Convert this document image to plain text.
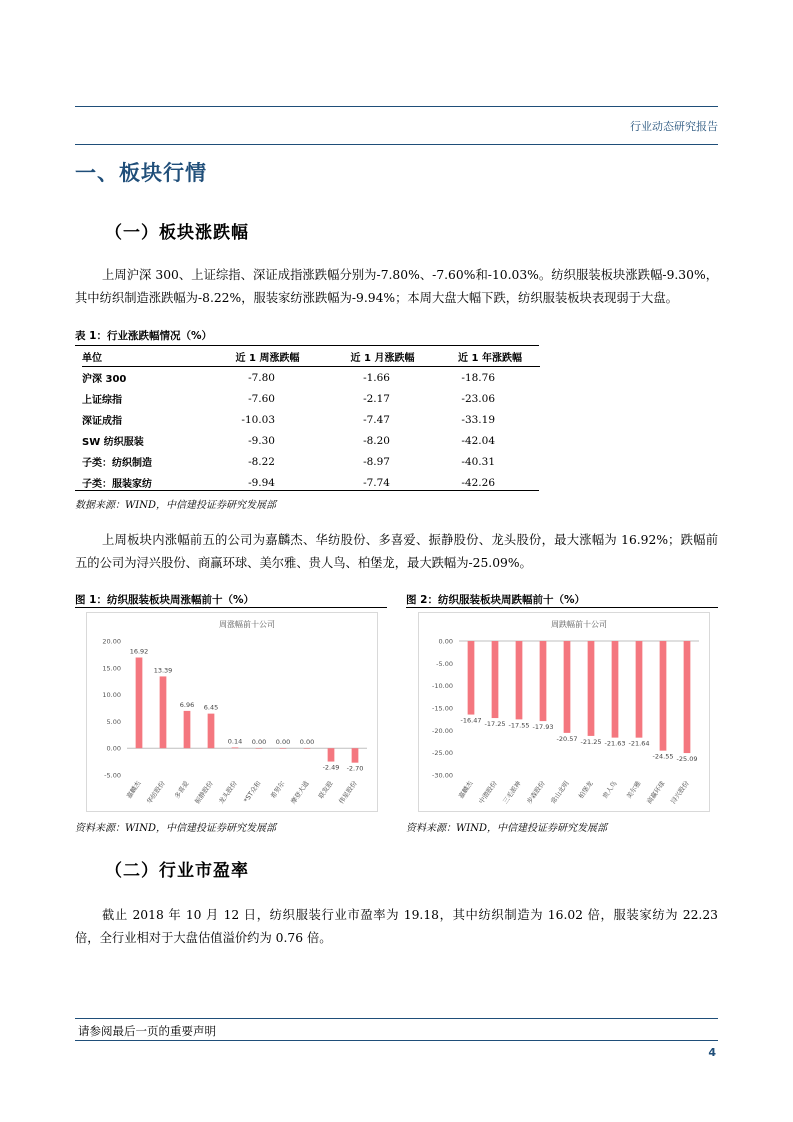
行业动态研究报告
一、板块行情
（一）板块涨跌幅
上周沪深 300、上证综指、深证成指涨跌幅分别为-7.80%、-7.60%和-10.03%。纺织服装板块涨跌幅-9.30%，其中纺织制造涨跌幅为-8.22%，服装家纺涨跌幅为-9.94%；本周大盘大幅下跌，纺织服装板块表现弱于大盘。
表 1：行业涨跌幅情况（%）
单位	近 1 周涨跌幅	近 1 月涨跌幅	近 1 年涨跌幅
沪深 300	-7.80	-1.66	-18.76
上证综指	-7.60	-2.17	-23.06
深证成指	-10.03	-7.47	-33.19
SW 纺织服装	-9.30	-8.20	-42.04
子类：纺织制造	-8.22	-8.97	-40.31
子类：服装家纺	-9.94	-7.74	-42.26
数据来源：WIND，中信建投证券研究发展部
上周板块内涨幅前五的公司为嘉麟杰、华纺股份、多喜爱、振静股份、龙头股份，最大涨幅为 16.92%；跌幅前五的公司为浔兴股份、商赢环球、美尔雅、贵人鸟、柏堡龙，最大跌幅为-25.09%。
图 1：纺织服装板块周涨幅前十（%）	图 2：纺织服装板块周跌幅前十（%）
周涨幅前十公司
20.00
15.00
10.00
5.00
0.00
-5.00
16.92
嘉麟杰
13.39
华纺股份
6.96
多喜爱
6.45
振静股份
0.14
龙头股份
0.00
*ST众和
0.00
希努尔
0.00
摩登大道
-2.49
联发股
-2.70
伟星股份
周跌幅前十公司
0.00
-5.00
-10.00
-15.00
-20.00
-25.00
-30.00
-16.47
嘉麟杰
-17.25
中潜股份
-17.55
三毛派神
-17.93
步森股份
-20.57
常山北明
-21.25
柏堡龙
-21.63
贵人鸟
-21.64
美尔雅
-24.55
商赢环球
-25.09
浔兴股份
资料来源：WIND，中信建投证券研究发展部	资料来源：WIND，中信建投证券研究发展部
（二）行业市盈率
截止 2018 年 10 月 12 日，纺织服装行业市盈率为 19.18，其中纺织制造为 16.02 倍，服装家纺为 22.23 倍，全行业相对于大盘估值溢价约为 0.76 倍。
请参阅最后一页的重要声明
4
